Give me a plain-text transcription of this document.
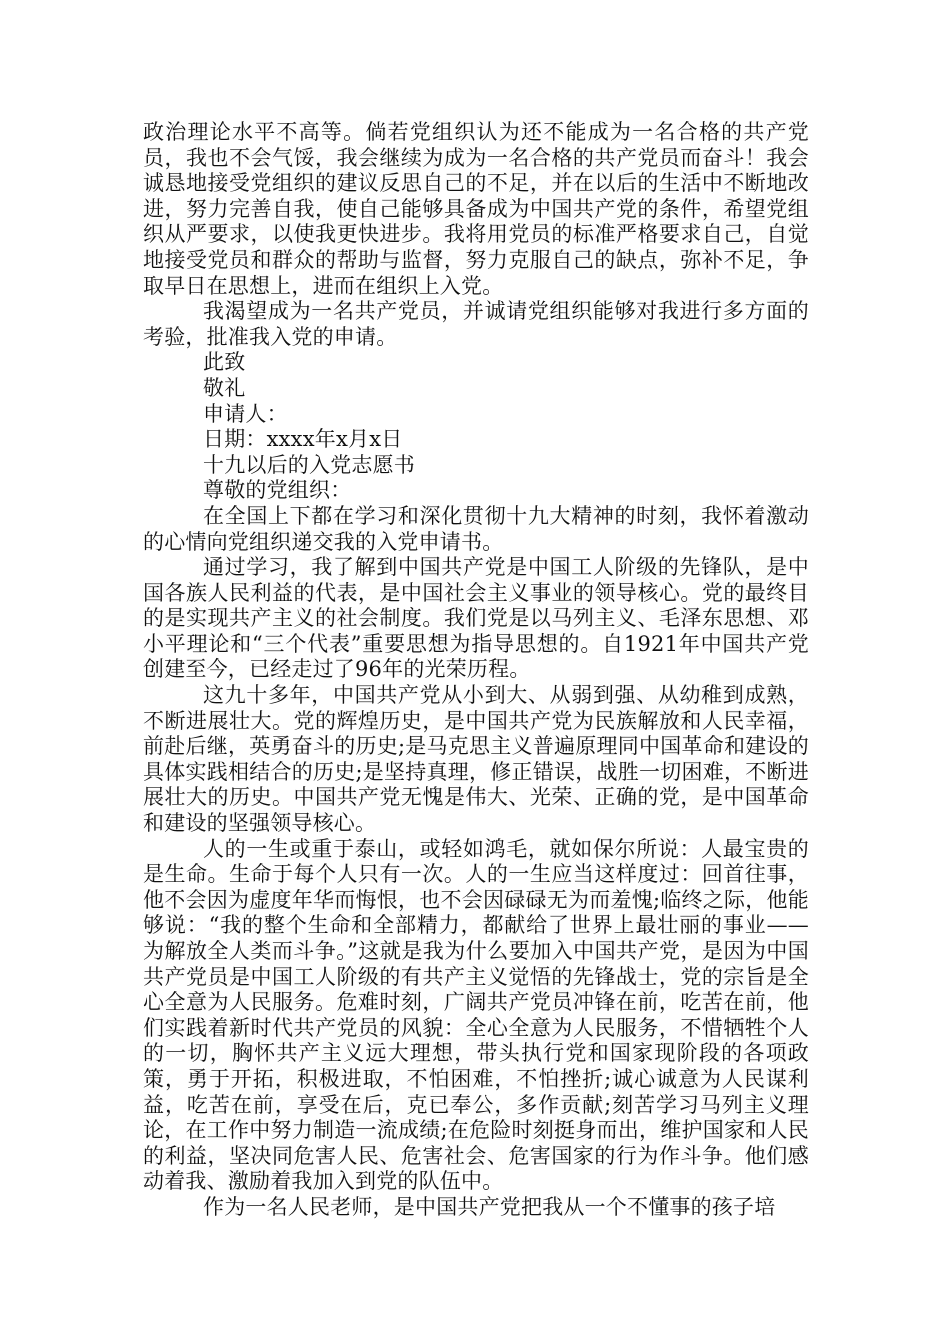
政治理论水平不高等。倘若党组织认为还不能成为一名合格的共产党员，我也不会气馁，我会继续为成为一名合格的共产党员而奋斗！我会诚恳地接受党组织的建议反思自己的不足，并在以后的生活中不断地改进，努力完善自我，使自己能够具备成为中国共产党的条件，希望党组织从严要求，以使我更快进步。我将用党员的标准严格要求自己，自觉地接受党员和群众的帮助与监督，努力克服自己的缺点，弥补不足，争取早日在思想上，进而在组织上入党。

我渴望成为一名共产党员，并诚请党组织能够对我进行多方面的考验，批准我入党的申请。

此致

敬礼

申请人：

日期：xxxx年x月x日

十九以后的入党志愿书

尊敬的党组织：

在全国上下都在学习和深化贯彻十九大精神的时刻，我怀着激动的心情向党组织递交我的入党申请书。

通过学习，我了解到中国共产党是中国工人阶级的先锋队，是中国各族人民利益的代表，是中国社会主义事业的领导核心。党的最终目的是实现共产主义的社会制度。我们党是以马列主义、毛泽东思想、邓小平理论和“三个代表”重要思想为指导思想的。自1921年中国共产党创建至今，已经走过了96年的光荣历程。

这九十多年，中国共产党从小到大、从弱到强、从幼稚到成熟，不断进展壮大。党的辉煌历史，是中国共产党为民族解放和人民幸福，前赴后继，英勇奋斗的历史;是马克思主义普遍原理同中国革命和建设的具体实践相结合的历史;是坚持真理，修正错误，战胜一切困难，不断进展壮大的历史。中国共产党无愧是伟大、光荣、正确的党，是中国革命和建设的坚强领导核心。

人的一生或重于泰山，或轻如鸿毛，就如保尔所说：人最宝贵的是生命。生命于每个人只有一次。人的一生应当这样度过：回首往事，他不会因为虚度年华而悔恨，也不会因碌碌无为而羞愧;临终之际，他能够说：“我的整个生命和全部精力，都献给了世界上最壮丽的事业——为解放全人类而斗争。”这就是我为什么要加入中国共产党，是因为中国共产党员是中国工人阶级的有共产主义觉悟的先锋战士，党的宗旨是全心全意为人民服务。危难时刻，广阔共产党员冲锋在前，吃苦在前，他们实践着新时代共产党员的风貌：全心全意为人民服务，不惜牺牲个人的一切，胸怀共产主义远大理想，带头执行党和国家现阶段的各项政策，勇于开拓，积极进取，不怕困难，不怕挫折;诚心诚意为人民谋利益，吃苦在前，享受在后，克已奉公，多作贡献;刻苦学习马列主义理论，在工作中努力制造一流成绩;在危险时刻挺身而出，维护国家和人民的利益，坚决同危害人民、危害社会、危害国家的行为作斗争。他们感动着我、激励着我加入到党的队伍中。

作为一名人民老师，是中国共产党把我从一个不懂事的孩子培
